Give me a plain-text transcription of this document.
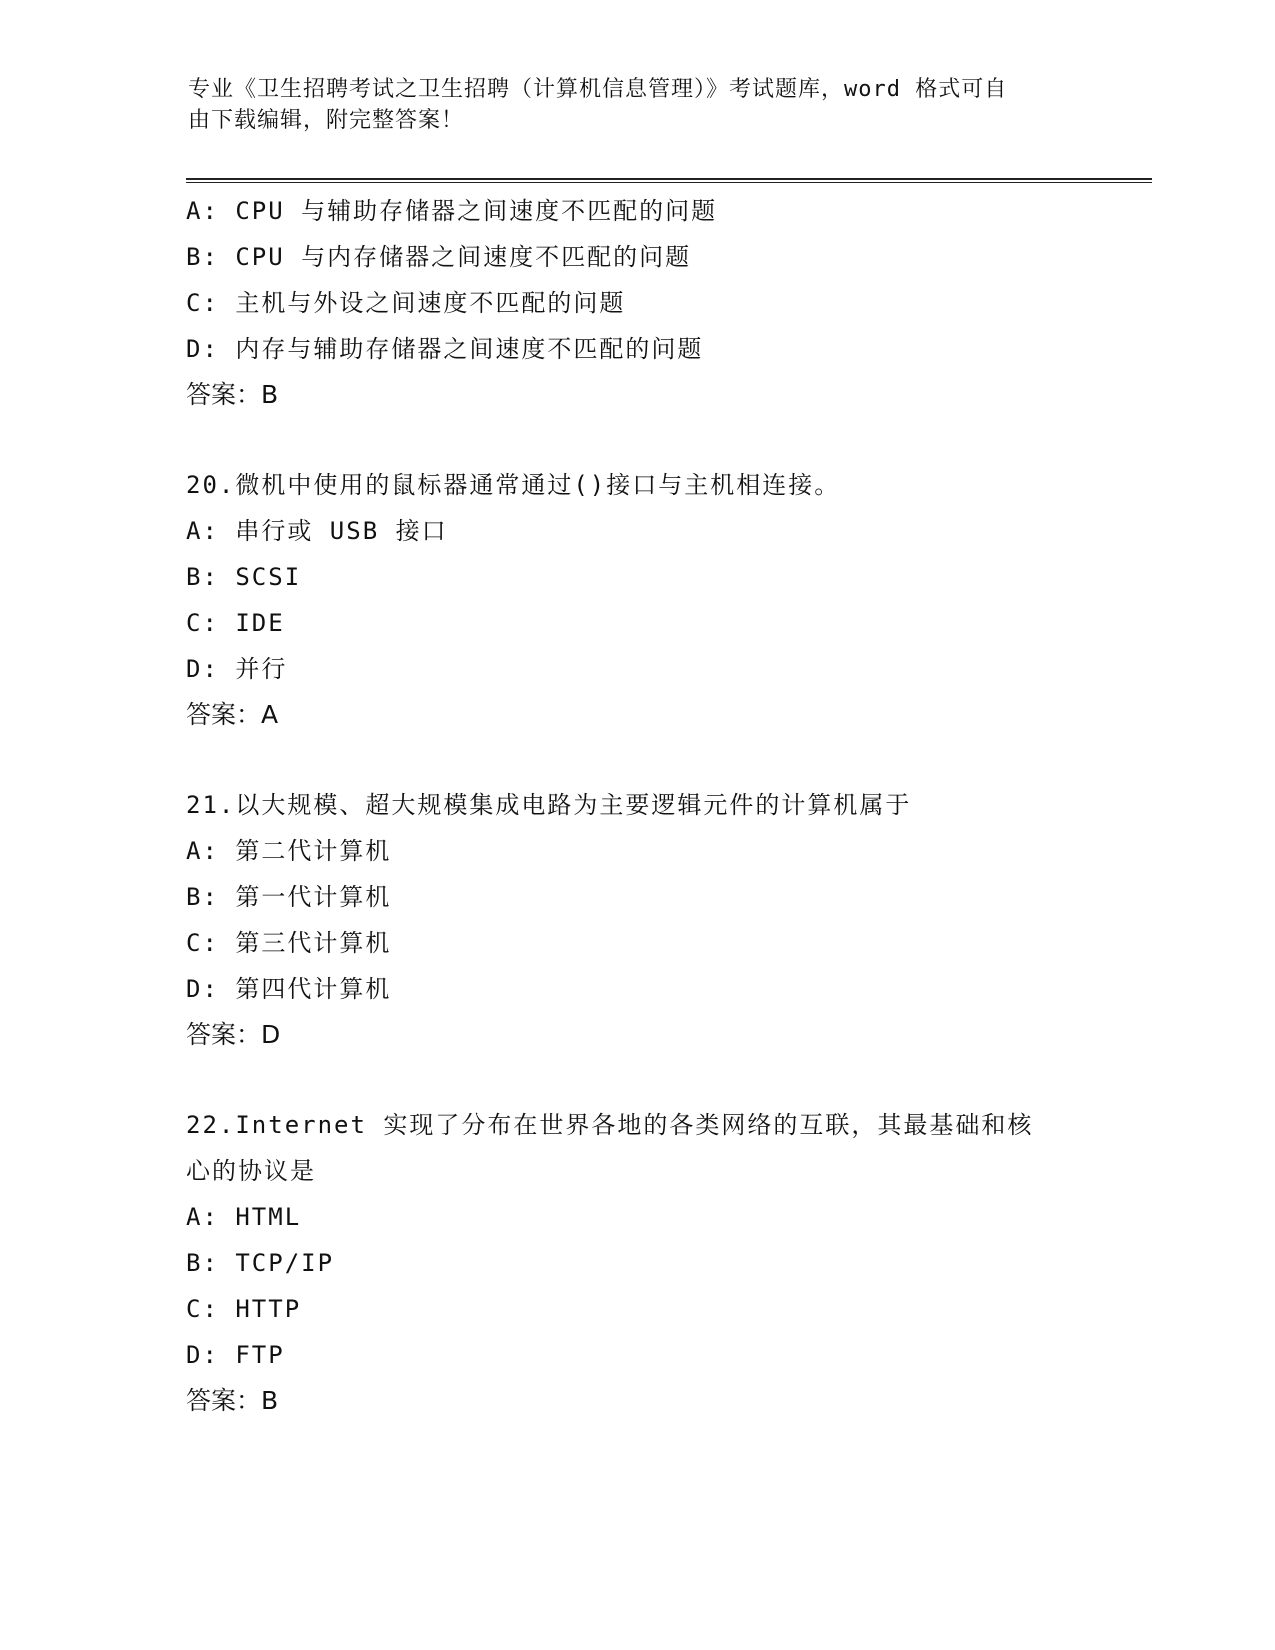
专业《卫生招聘考试之卫生招聘（计算机信息管理）》考试题库，word 格式可自
由下载编辑，附完整答案！
A: CPU 与辅助存储器之间速度不匹配的问题
B: CPU 与内存储器之间速度不匹配的问题
C: 主机与外设之间速度不匹配的问题
D: 内存与辅助存储器之间速度不匹配的问题
答案：B
20.微机中使用的鼠标器通常通过()接口与主机相连接。
A: 串行或 USB 接口
B: SCSI
C: IDE
D: 并行
答案：A
21.以大规模、超大规模集成电路为主要逻辑元件的计算机属于
A: 第二代计算机
B: 第一代计算机
C: 第三代计算机
D: 第四代计算机
答案：D
22.Internet 实现了分布在世界各地的各类网络的互联，其最基础和核
心的协议是
A: HTML
B: TCP/IP
C: HTTP
D: FTP
答案：B
